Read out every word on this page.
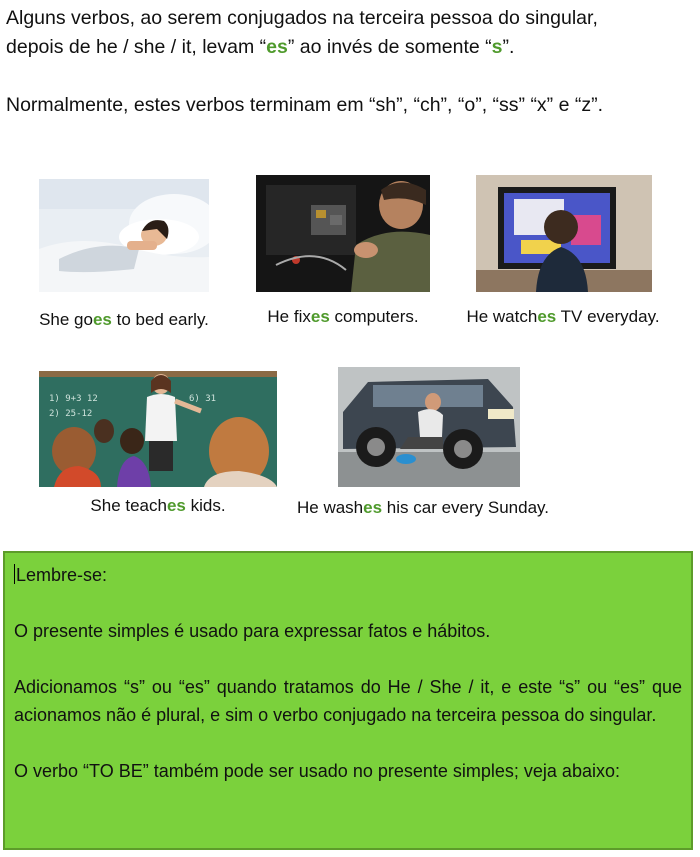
Alguns verbos, ao serem conjugados na terceira pessoa do singular,

depois de he / she / it, levam “es” ao invés de somente “s”.

Normalmente, estes verbos terminam em “sh”, “ch”, “o”, “ss” “x” e “z”.

She goes to bed early.	He fixes computers.	He watches TV everyday.
1) 9+3 12
2) 25-12
6) 31
She teaches kids.	He washes his car every Sunday.

Lembre-se:

O presente simples é usado para expressar fatos e hábitos.

Adicionamos “s” ou “es” quando tratamos do He / She / it, e este “s” ou “es” que acionamos não é plural, e sim o verbo conjugado na terceira pessoa do singular.

O verbo “TO BE” também pode ser usado no presente simples; veja abaixo:
